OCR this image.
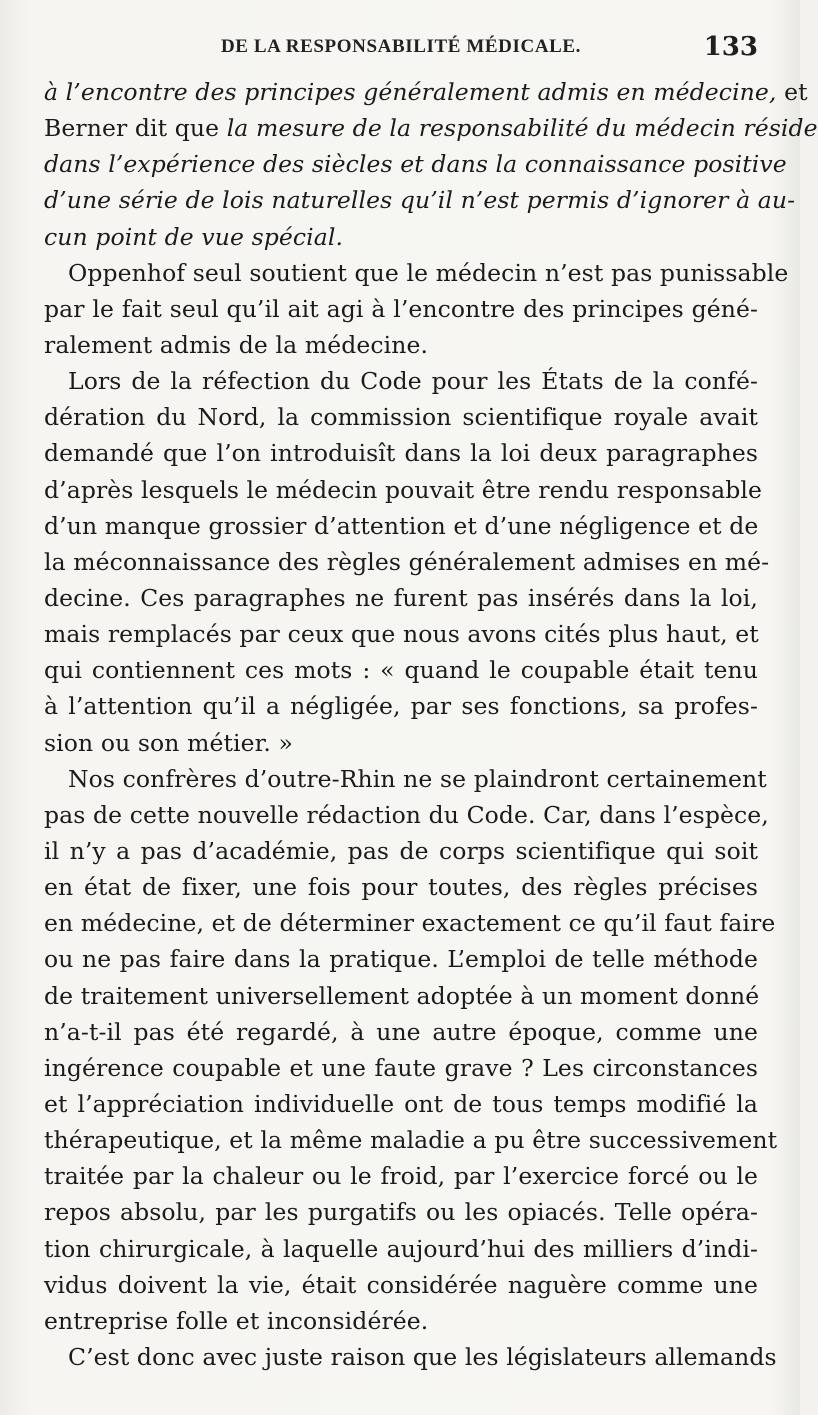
DE LA RESPONSABILITÉ MÉDICALE.	133
à l’encontre des principes généralement admis en médecine, et
Berner dit que la mesure de la responsabilité du médecin réside
dans l’expérience des siècles et dans la connaissance positive
d’une série de lois naturelles qu’il n’est permis d’ignorer à au-
cun point de vue spécial.
Oppenhof seul soutient que le médecin n’est pas punissable
par le fait seul qu’il ait agi à l’encontre des principes géné-
ralement admis de la médecine.
Lors de la réfection du Code pour les États de la confé-
dération du Nord, la commission scientifique royale avait
demandé que l’on introduisît dans la loi deux paragraphes
d’après lesquels le médecin pouvait être rendu responsable
d’un manque grossier d’attention et d’une négligence et de
la méconnaissance des règles généralement admises en mé-
decine. Ces paragraphes ne furent pas insérés dans la loi,
mais remplacés par ceux que nous avons cités plus haut, et
qui contiennent ces mots : « quand le coupable était tenu
à l’attention qu’il a négligée, par ses fonctions, sa profes-
sion ou son métier. »
Nos confrères d’outre-Rhin ne se plaindront certainement
pas de cette nouvelle rédaction du Code. Car, dans l’espèce,
il n’y a pas d’académie, pas de corps scientifique qui soit
en état de fixer, une fois pour toutes, des règles précises
en médecine, et de déterminer exactement ce qu’il faut faire
ou ne pas faire dans la pratique. L’emploi de telle méthode
de traitement universellement adoptée à un moment donné
n’a-t-il pas été regardé, à une autre époque, comme une
ingérence coupable et une faute grave ? Les circonstances
et l’appréciation individuelle ont de tous temps modifié la
thérapeutique, et la même maladie a pu être successivement
traitée par la chaleur ou le froid, par l’exercice forcé ou le
repos absolu, par les purgatifs ou les opiacés. Telle opéra-
tion chirurgicale, à laquelle aujourd’hui des milliers d’indi-
vidus doivent la vie, était considérée naguère comme une
entreprise folle et inconsidérée.
C’est donc avec juste raison que les législateurs allemands
